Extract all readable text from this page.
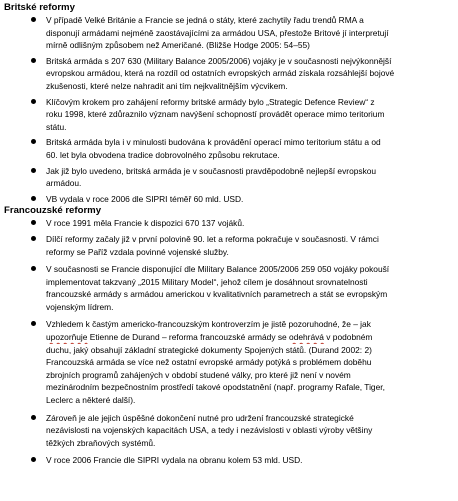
Britské reformy
V případě Velké Británie a Francie se jedná o státy, které zachytily řadu trendů RMA a
disponují armádami nejméně zaostávajícími za armádou USA, přestože Britové jí interpretují
mírně odlišným způsobem než Američané. (Bližše Hodge 2005: 54–55)
Britská armáda s 207 630 (Military Balance 2005/2006) vojáky je v současnosti nejvýkonnější
evropskou armádou, která na rozdíl od ostatních evropských armád získala rozsáhlejší bojové
zkušenosti, které nelze nahradit ani tím nejkvalitnějším výcvikem.
Klíčovým krokem pro zahájení reformy britské armády bylo „Strategic Defence Review“ z
roku 1998, které zdůraznilo význam navýšení schopností provádět operace mimo teritorium
státu.
Britská armáda byla i v minulosti budována k provádění operací mimo teritorium státu a od
60. let byla obvodena tradice dobrovolného způsobu rekrutace.
Jak již bylo uvedeno, britská armáda je v současnosti pravděpodobně nejlepší evropskou
armádou.
VB vydala v roce 2006 dle SIPRI téměř 60 mld. USD.
Francouzské reformy
V roce 1991 měla Francie k dispozici 670 137 vojáků.
Dílčí reformy začaly již v první polovině 90. let a reforma pokračuje v současnosti. V rámci
reformy se Paříž vzdala povinné vojenské služby.
V současnosti se Francie disponující dle Military Balance 2005/2006 259 050 vojáky pokouší
implementovat takzvaný „2015 Military Model“, jehož cílem je dosáhnout srovnatelnosti
francouzské armády s armádou americkou v kvalitativních parametrech a stát se evropským
vojenským lídrem.
Vzhledem k častým americko-francouzským kontroverzím je jistě pozoruhodné, že – jak
upozorňuje Etienne de Durand – reforma francouzské armády se odehrává v podobném
duchu, jaký obsahují základní strategické dokumenty Spojených států. (Durand 2002: 2)
Francouzská armáda se více než ostatní evropské armády potýká s problémem doběhu
zbrojních programů zahájených v období studené války, pro které již není v novém
mezinárodním bezpečnostním prostředí takové opodstatnění (např. programy Rafale, Tiger,
Leclerc a některé další).
Zároveň je ale jejich úspěšné dokončení nutné pro udržení francouzské strategické
nezávislosti na vojenských kapacitách USA, a tedy i nezávislosti v oblasti výroby většiny
těžkých zbraňových systémů.
V roce 2006 Francie dle SIPRI vydala na obranu kolem 53 mld. USD.
